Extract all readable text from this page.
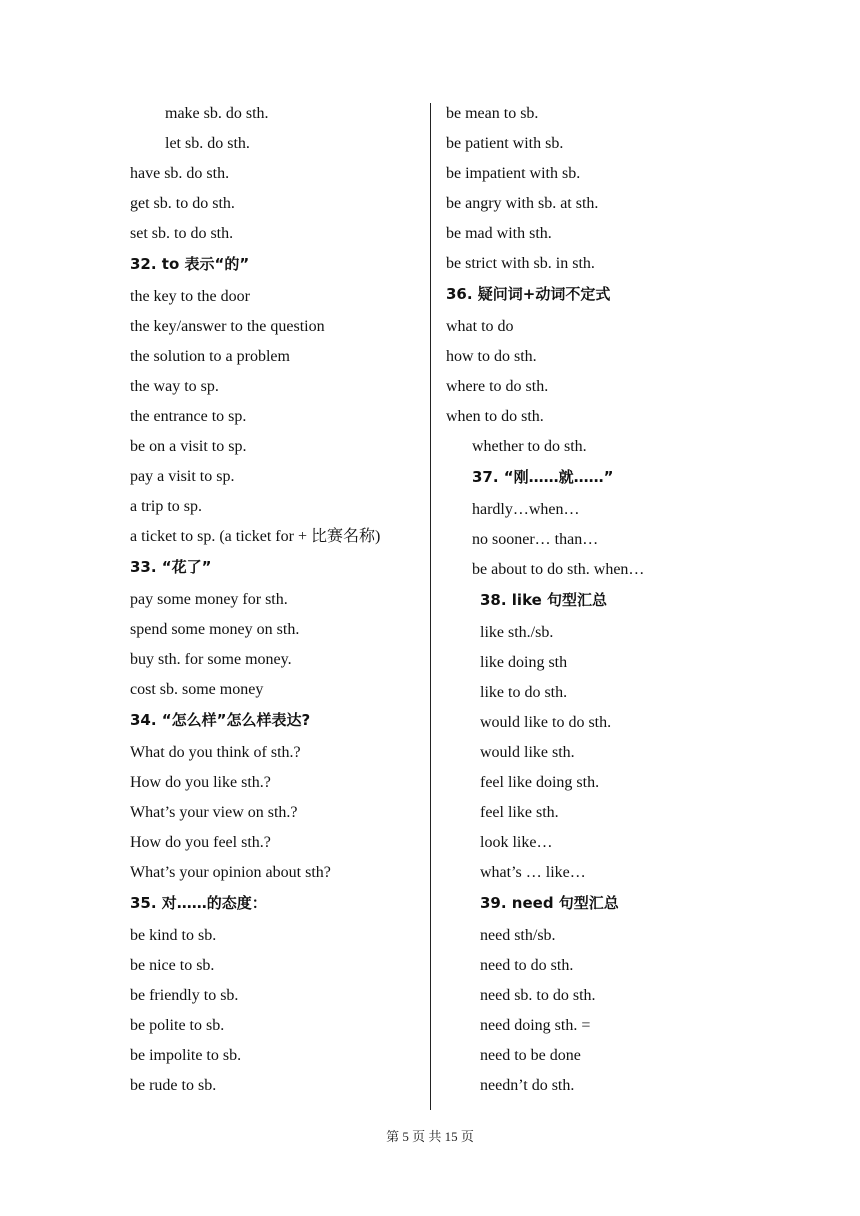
make sb. do sth.
let sb. do sth.
have sb. do sth.
get sb. to do sth.
set sb. to do sth.
32. to 表示“的”
the key to the door
the key/answer to the question
the solution to a problem
the way to sp.
the entrance to sp.
be on a visit to sp.
pay a visit to sp.
a trip to sp.
a ticket to sp. (a ticket for + 比赛名称)
33. “花了”
pay some money for sth.
spend some money on sth.
buy sth. for some money.
cost sb. some money
34. “怎么样”怎么样表达?
What do you think of sth.?
How do you like sth.?
What’s your view on sth.?
How do you feel sth.?
What’s your opinion about sth?
35. 对……的态度：
be kind to sb.
be nice to sb.
be friendly to sb.
be polite to sb.
be impolite to sb.
be rude to sb.
be mean to sb.
be patient with sb.
be impatient with sb.
be angry with sb. at sth.
be mad with sth.
be strict with sb. in sth.
36. 疑问词+动词不定式
what to do
how to do sth.
where to do sth.
when to do sth.
whether to do sth.
37. “刚……就……”
hardly…when…
no sooner… than…
be about to do sth. when…
38. like 句型汇总
like sth./sb.
like doing sth
like to do sth.
would like to do sth.
would like sth.
feel like doing sth.
feel like sth.
look like…
what’s … like…
39. need 句型汇总
need sth/sb.
need to do sth.
need sb. to do sth.
need doing sth. =
need to be done
needn’t do sth.
第 5 页 共 15 页
